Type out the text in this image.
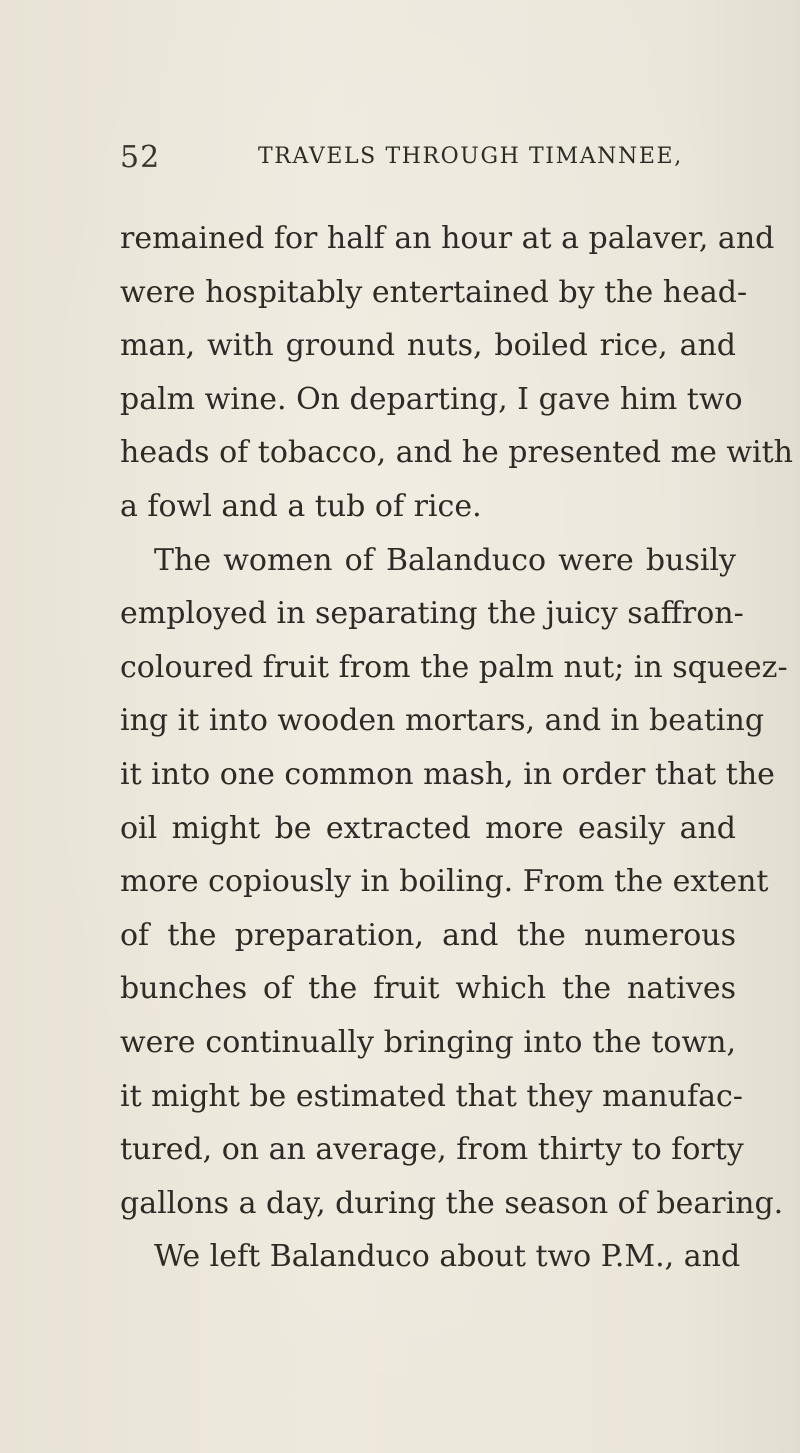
52	TRAVELS THROUGH TIMANNEE,
remained for half an hour at a palaver, and
were hospitably entertained by the head-
man, with ground nuts, boiled rice, and
palm wine. On departing, I gave him two
heads of tobacco, and he presented me with
a fowl and a tub of rice.
The women of Balanduco were busily
employed in separating the juicy saffron-
coloured fruit from the palm nut; in squeez-
ing it into wooden mortars, and in beating
it into one common mash, in order that the
oil might be extracted more easily and
more copiously in boiling. From the extent
of the preparation, and the numerous
bunches of the fruit which the natives
were continually bringing into the town,
it might be estimated that they manufac-
tured, on an average, from thirty to forty
gallons a day, during the season of bearing.
We left Balanduco about two P.M., and
